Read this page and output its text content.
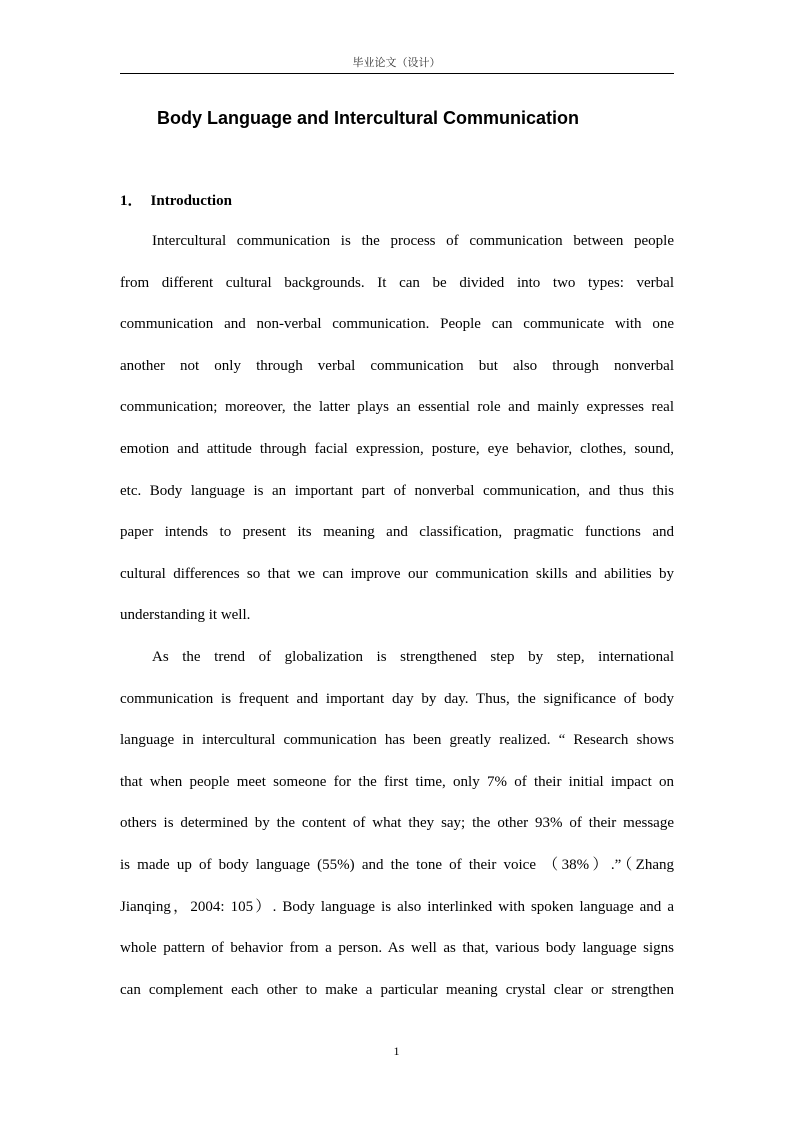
毕业论文（设计）
Body Language and Intercultural Communication
1． Introduction

Intercultural communication is the process of communication between people
from different cultural backgrounds. It can be divided into two types: verbal
communication and non-verbal communication. People can communicate with one
another not only through verbal communication but also through nonverbal
communication; moreover, the latter plays an essential role and mainly expresses real
emotion and attitude through facial expression, posture, eye behavior, clothes, sound,
etc. Body language is an important part of nonverbal communication, and thus this
paper intends to present its meaning and classification, pragmatic functions and
cultural differences so that we can improve our communication skills and abilities by
understanding it well.

As the trend of globalization is strengthened step by step, international
communication is frequent and important day by day. Thus, the significance of body
language in intercultural communication has been greatly realized. “ Research shows
that when people meet someone for the first time, only 7% of their initial impact on
others is determined by the content of what they say; the other 93% of their message
is made up of body language (55%) and the tone of their voice （38%）.”（Zhang
Jianqing，2004: 105）. Body language is also interlinked with spoken language and a
whole pattern of behavior from a person. As well as that, various body language signs
can complement each other to make a particular meaning crystal clear or strengthen

1
